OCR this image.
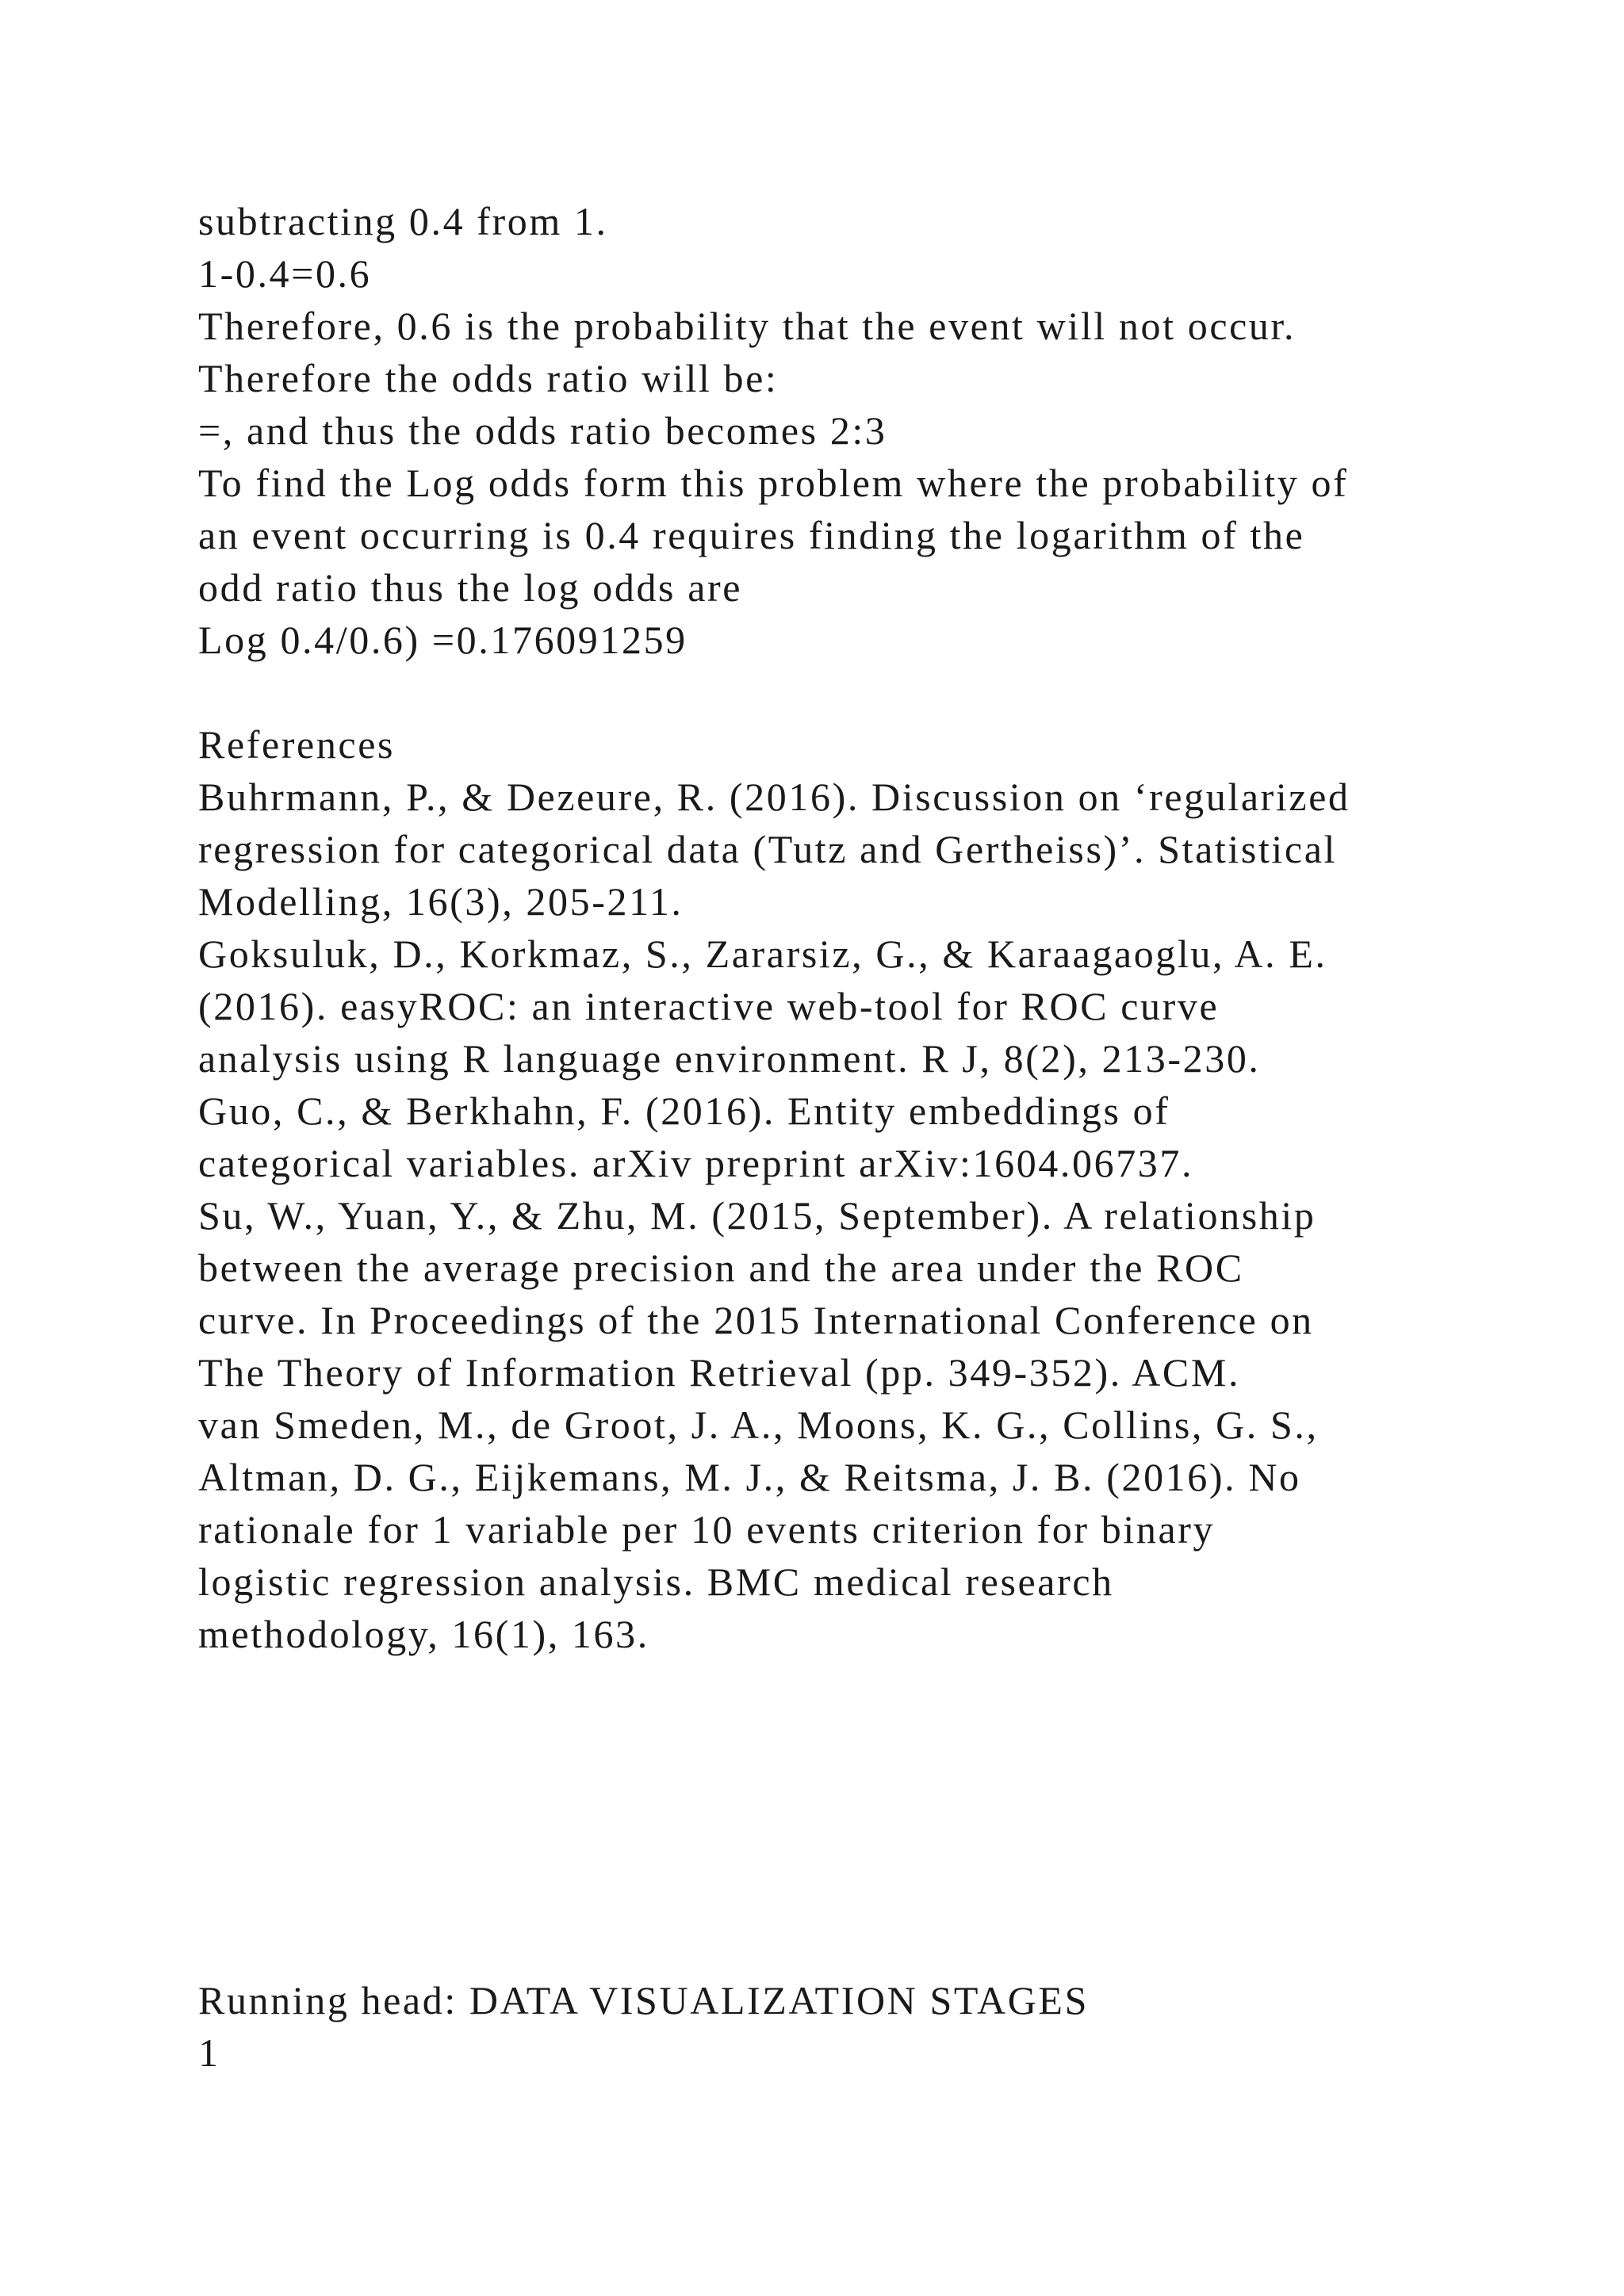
subtracting 0.4 from 1.
1-0.4=0.6
Therefore, 0.6 is the probability that the event will not occur.
Therefore the odds ratio will be:
=, and thus the odds ratio becomes 2:3
To find the Log odds form this problem where the probability of
an event occurring is 0.4 requires finding the logarithm of the
odd ratio thus the log odds are
Log 0.4/0.6) =0.176091259
References
Buhrmann, P., & Dezeure, R. (2016). Discussion on ‘regularized
regression for categorical data (Tutz and Gertheiss)’. Statistical
Modelling, 16(3), 205-211.
Goksuluk, D., Korkmaz, S., Zararsiz, G., & Karaagaoglu, A. E.
(2016). easyROC: an interactive web-tool for ROC curve
analysis using R language environment. R J, 8(2), 213-230.
Guo, C., & Berkhahn, F. (2016). Entity embeddings of
categorical variables. arXiv preprint arXiv:1604.06737.
Su, W., Yuan, Y., & Zhu, M. (2015, September). A relationship
between the average precision and the area under the ROC
curve. In Proceedings of the 2015 International Conference on
The Theory of Information Retrieval (pp. 349-352). ACM.
van Smeden, M., de Groot, J. A., Moons, K. G., Collins, G. S.,
Altman, D. G., Eijkemans, M. J., & Reitsma, J. B. (2016). No
rationale for 1 variable per 10 events criterion for binary
logistic regression analysis. BMC medical research
methodology, 16(1), 163.
Running head: DATA VISUALIZATION STAGES
1
